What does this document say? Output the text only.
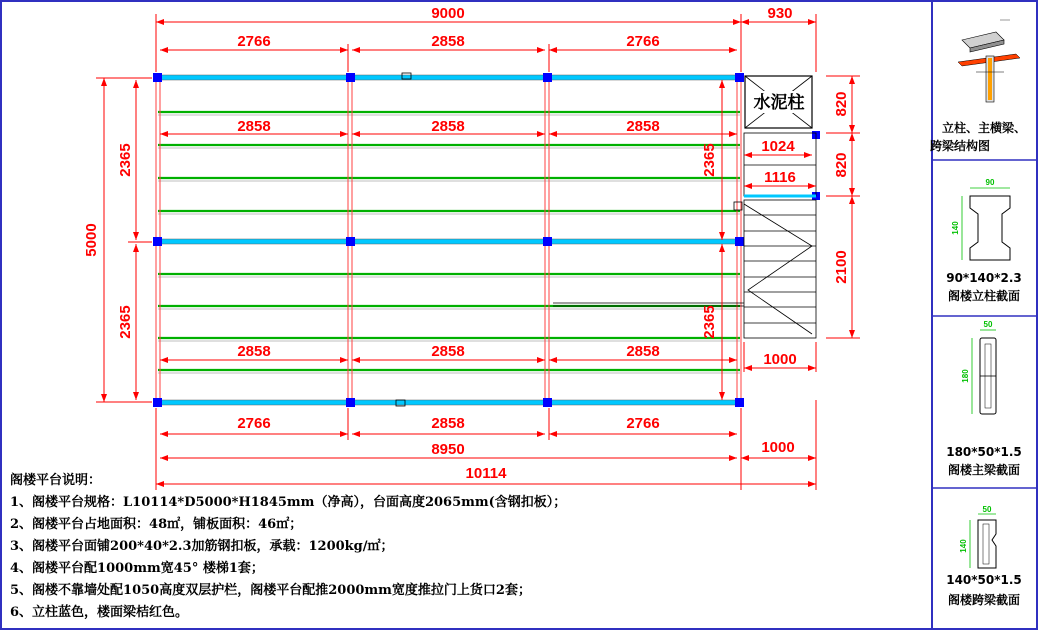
水泥柱
9000	930
2766	2858	2766
2858	2858	2858
2858	2858	2858
2766	2858	2766
8950	1000
10114
5000
2365
2365
2365
2365
820
820
2100
1024
1116
1000
阁楼平台说明：
1、阁楼平台规格：L10114*D5000*H1845mm（净高），台面高度2065mm(含钢扣板）；
2、阁楼平台占地面积：48㎡，铺板面积：46㎡；
3、阁楼平台面铺200*40*2.3加筋钢扣板，承载：1200kg/㎡；
4、阁楼平台配1000mm宽45° 楼梯1套；
5、阁楼不靠墙处配1050高度双层护栏，阁楼平台配推2000mm宽度推拉门上货口2套；
6、立柱蓝色，楼面梁桔红色。
立柱、主横梁、
跨梁结构图
90
140
90*140*2.3
阁楼立柱截面
50
180
180*50*1.5
阁楼主梁截面
50
140
140*50*1.5
阁楼跨梁截面
